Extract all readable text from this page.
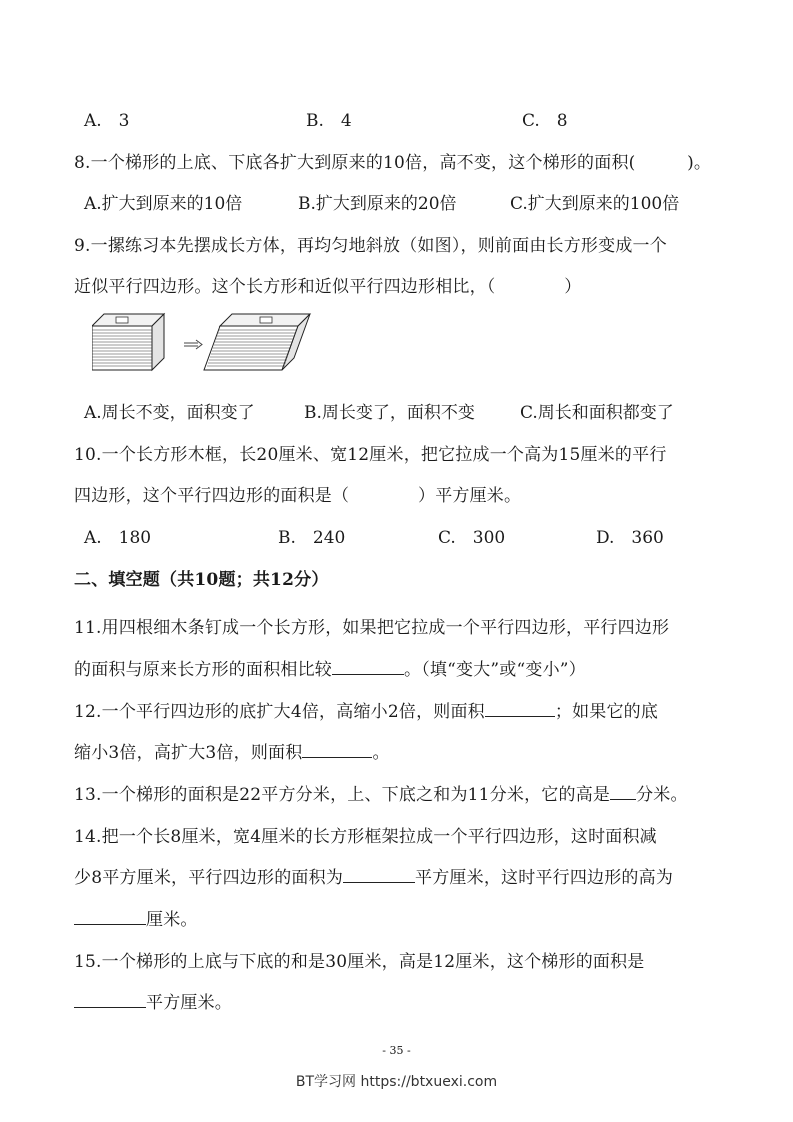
A.　3	B.　4	C.　8
8.一个梯形的上底、下底各扩大到原来的10倍，高不变，这个梯形的面积(　　　)。
A.扩大到原来的10倍	B.扩大到原来的20倍	C.扩大到原来的100倍
9.一摞练习本先摆成长方体，再均匀地斜放（如图），则前面由长方形变成一个
近似平行四边形。这个长方形和近似平行四边形相比，（　　　　）
A.周长不变，面积变了	B.周长变了，面积不变	C.周长和面积都变了
10.一个长方形木框，长20厘米、宽12厘米，把它拉成一个高为15厘米的平行
四边形，这个平行四边形的面积是（　　　　）平方厘米。
A.　180	B.　240	C.　300	D.　360
二、填空题（共10题；共12分）
11.用四根细木条钉成一个长方形，如果把它拉成一个平行四边形，平行四边形
的面积与原来长方形的面积相比较	。（填“变大”或“变小”）
12.一个平行四边形的底扩大4倍，高缩小2倍，则面积	；如果它的底
缩小3倍，高扩大3倍，则面积	。
13.一个梯形的面积是22平方分米，上、下底之和为11分米，它的高是 分米。
14.把一个长8厘米，宽4厘米的长方形框架拉成一个平行四边形，这时面积减
少8平方厘米，平行四边形的面积为	平方厘米，这时平行四边形的高为
厘米。
15.一个梯形的上底与下底的和是30厘米，高是12厘米，这个梯形的面积是
平方厘米。
- 35 -
BT学习网 https://btxuexi.com
